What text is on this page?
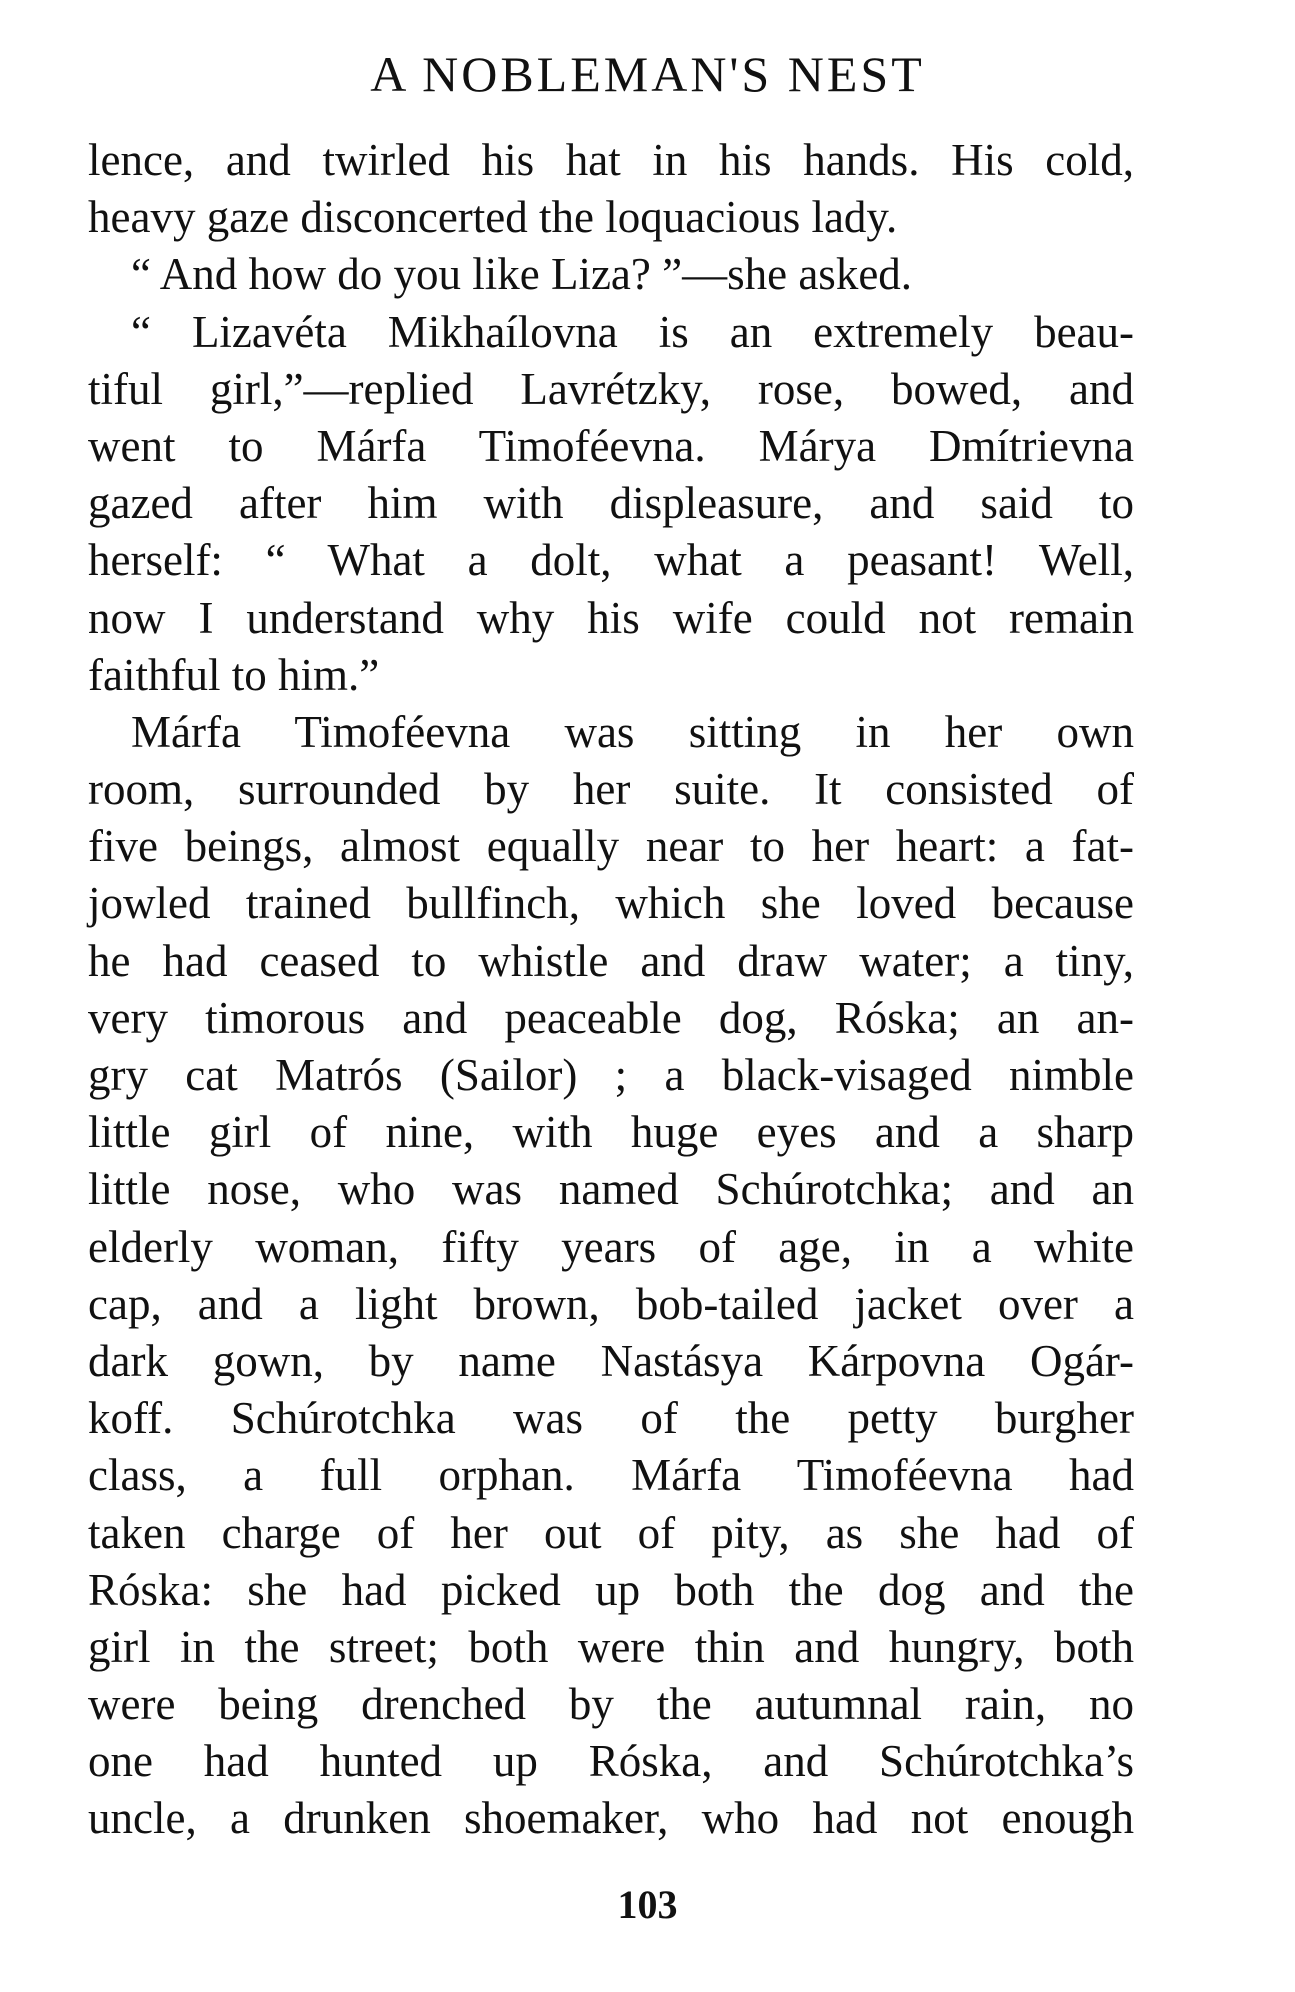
A NOBLEMAN'S NEST
lence, and twirled his hat in his hands. His cold,
heavy gaze disconcerted the loquacious lady.
“ And how do you like Liza? ”—she asked.
“ Lizavéta Mikhaílovna is an extremely beau-
tiful girl,”—replied Lavrétzky, rose, bowed, and
went to Márfa Timoféevna. Márya Dmítrievna
gazed after him with displeasure, and said to
herself: “ What a dolt, what a peasant! Well,
now I understand why his wife could not remain
faithful to him.”
Márfa Timoféevna was sitting in her own
room, surrounded by her suite. It consisted of
five beings, almost equally near to her heart: a fat-
jowled trained bullfinch, which she loved because
he had ceased to whistle and draw water; a tiny,
very timorous and peaceable dog, Róska; an an-
gry cat Matrós (Sailor) ; a black-visaged nimble
little girl of nine, with huge eyes and a sharp
little nose, who was named Schúrotchka; and an
elderly woman, fifty years of age, in a white
cap, and a light brown, bob-tailed jacket over a
dark gown, by name Nastásya Kárpovna Ogár-
koff. Schúrotchka was of the petty burgher
class, a full orphan. Márfa Timoféevna had
taken charge of her out of pity, as she had of
Róska: she had picked up both the dog and the
girl in the street; both were thin and hungry, both
were being drenched by the autumnal rain, no
one had hunted up Róska, and Schúrotchka’s
uncle, a drunken shoemaker, who had not enough
103
